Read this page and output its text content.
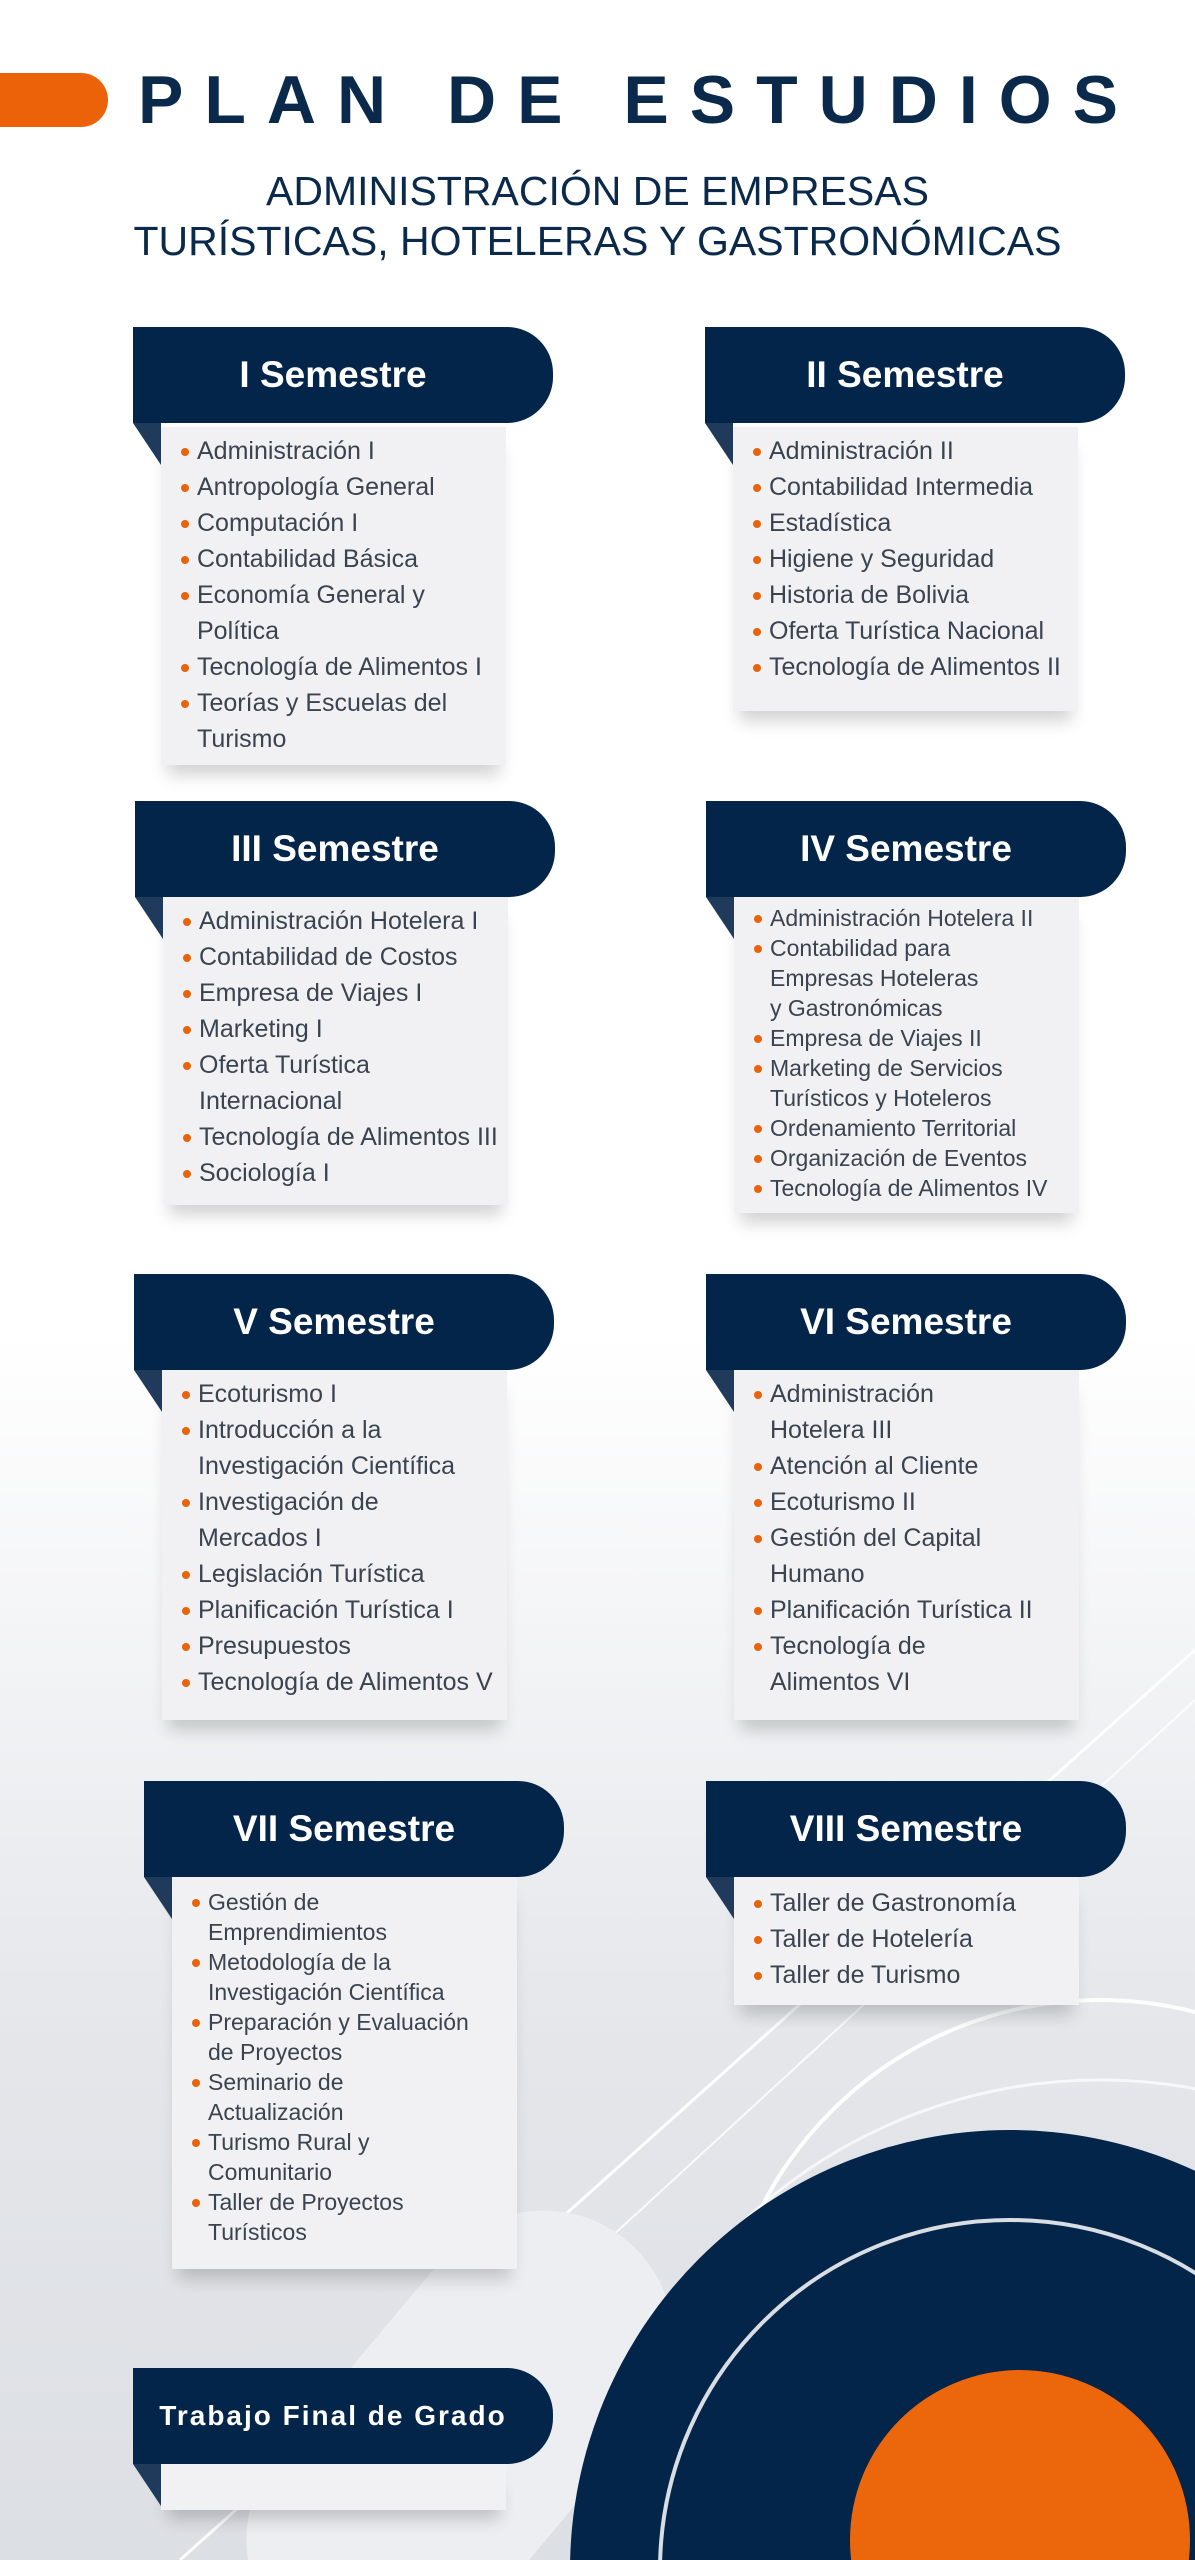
PLAN DE ESTUDIOS
ADMINISTRACIÓN DE EMPRESAS
TURÍSTICAS, HOTELERAS Y GASTRONÓMICAS
I Semestre
Administración I
Antropología General
Computación I
Contabilidad Básica
Economía General y
Política
Tecnología de Alimentos I
Teorías y Escuelas del
Turismo
II Semestre
Administración II
Contabilidad Intermedia
Estadística
Higiene y Seguridad
Historia de Bolivia
Oferta Turística Nacional
Tecnología de Alimentos II
III Semestre
Administración Hotelera I
Contabilidad de Costos
Empresa de Viajes I
Marketing I
Oferta Turística
Internacional
Tecnología de Alimentos III
Sociología I
IV Semestre
Administración Hotelera II
Contabilidad para
Empresas Hoteleras
y Gastronómicas
Empresa de Viajes II
Marketing de Servicios
Turísticos y Hoteleros
Ordenamiento Territorial
Organización de Eventos
Tecnología de Alimentos IV
V Semestre
Ecoturismo I
Introducción a la
Investigación Científica
Investigación de
Mercados I
Legislación Turística
Planificación Turística I
Presupuestos
Tecnología de Alimentos V
VI Semestre
Administración
Hotelera III
Atención al Cliente
Ecoturismo II
Gestión del Capital
Humano
Planificación Turística II
Tecnología de
Alimentos VI
VII Semestre
Gestión de
Emprendimientos
Metodología de la
Investigación Científica
Preparación y Evaluación
de Proyectos
Seminario de
Actualización
Turismo Rural y
Comunitario
Taller de Proyectos
Turísticos
VIII Semestre
Taller de Gastronomía
Taller de Hotelería
Taller de Turismo
Trabajo Final de Grado
